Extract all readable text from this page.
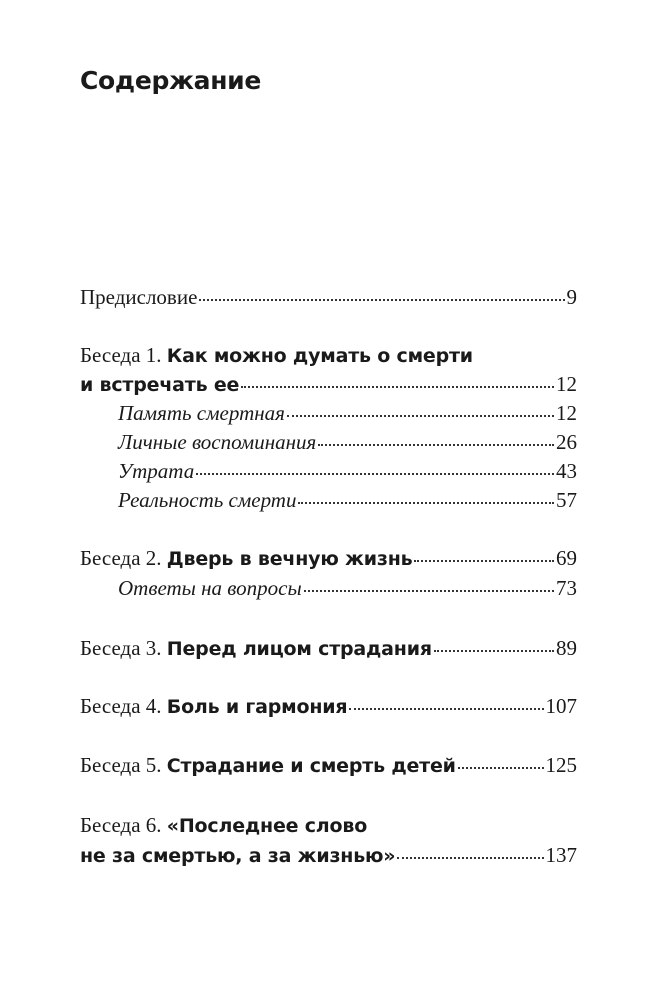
Содержание
Предисловие	9
Беседа 1. Как можно думать о смерти
и встречать ее	12
Память смертная	12
Личные воспоминания	26
Утрата	43
Реальность смерти	57
Беседа 2. Дверь в вечную жизнь	69
Ответы на вопросы	73
Беседа 3. Перед лицом страдания	89
Беседа 4. Боль и гармония	107
Беседа 5. Страдание и смерть детей	125
Беседа 6. «Последнее слово
не за смертью, а за жизнью»	137
